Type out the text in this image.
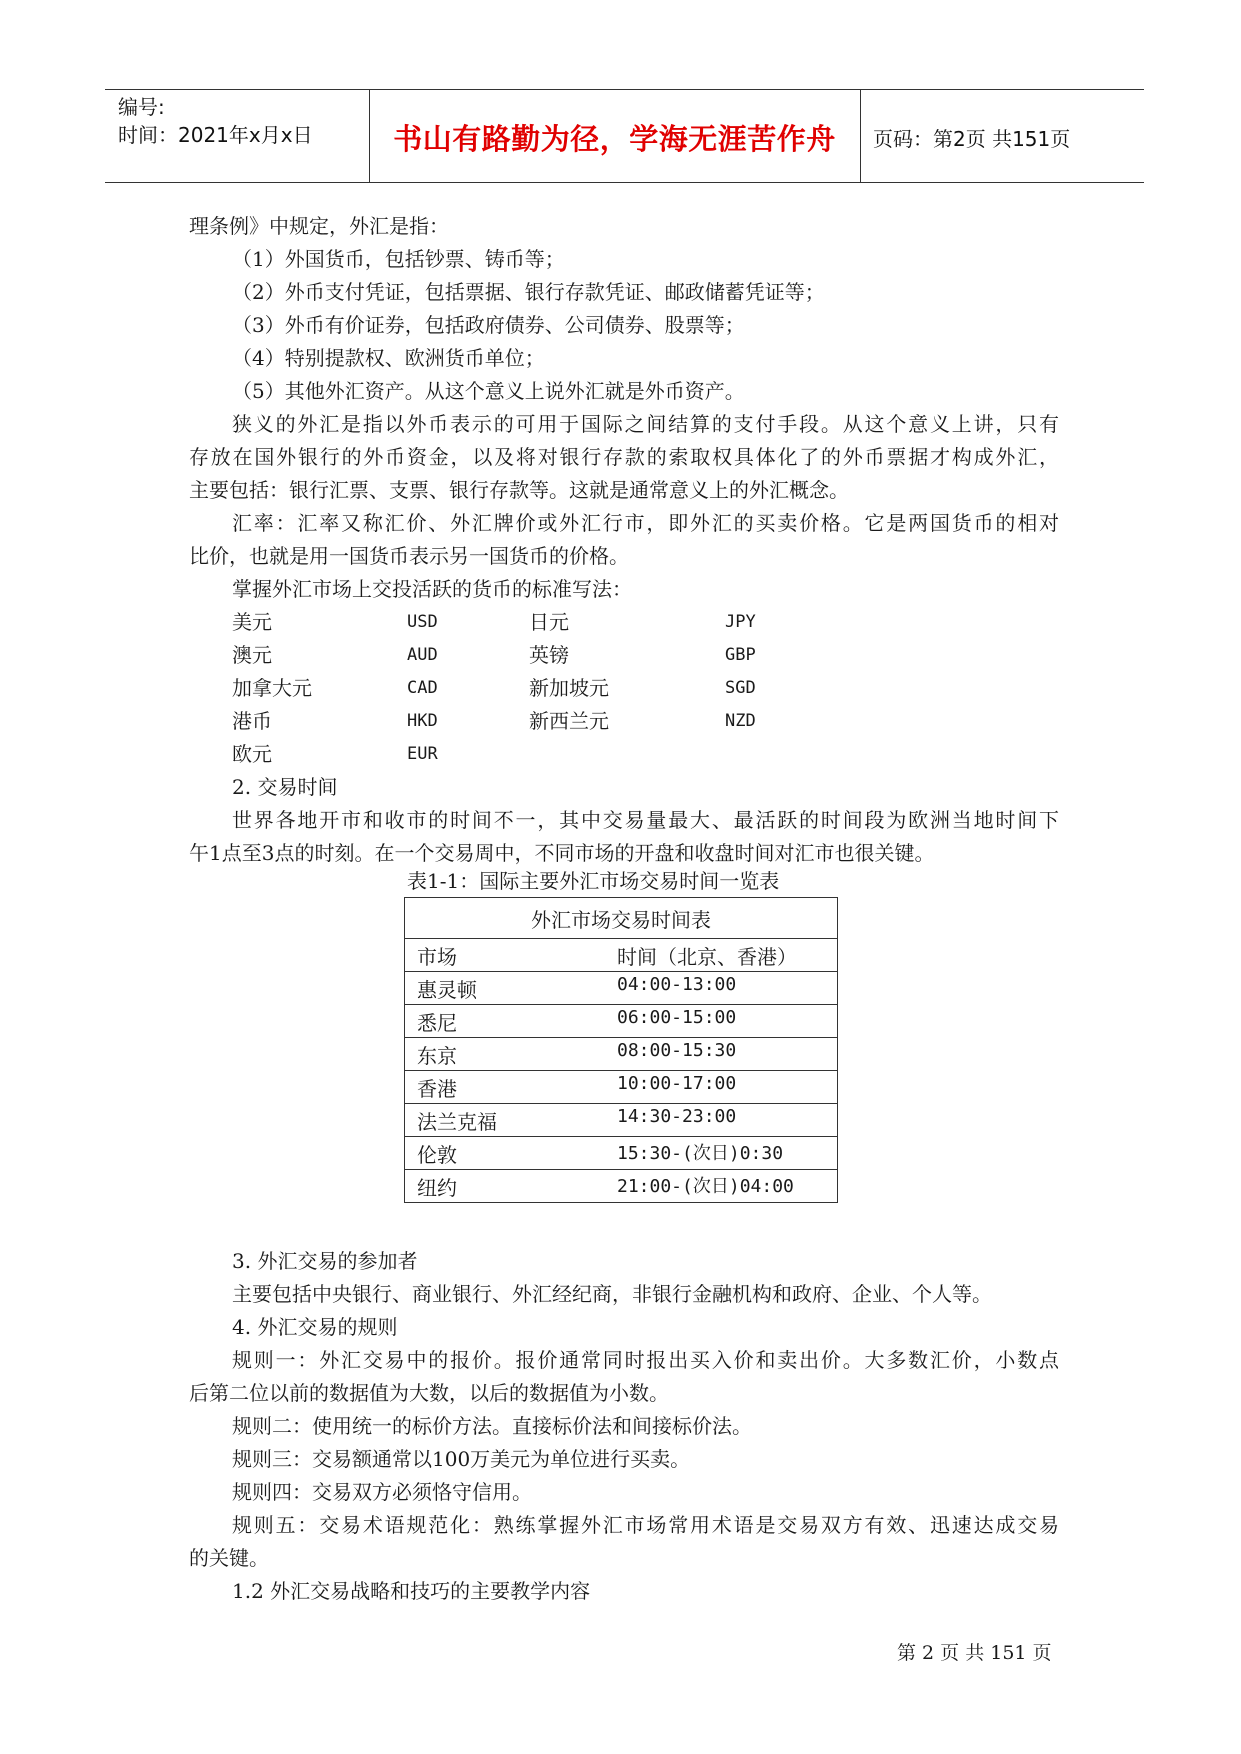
编号:
时间：2021年x月x日	书山有路勤为径，学海无涯苦作舟	页码：第2页 共151页
理条例》中规定，外汇是指：
（1）外国货币，包括钞票、铸币等；
（2）外币支付凭证，包括票据、银行存款凭证、邮政储蓄凭证等；
（3）外币有价证券，包括政府债券、公司债券、股票等；
（4）特别提款权、欧洲货币单位；
（5）其他外汇资产。从这个意义上说外汇就是外币资产。
狭义的外汇是指以外币表示的可用于国际之间结算的支付手段。从这个意义上讲，只有
存放在国外银行的外币资金，以及将对银行存款的索取权具体化了的外币票据才构成外汇，
主要包括：银行汇票、支票、银行存款等。这就是通常意义上的外汇概念。
汇率：汇率又称汇价、外汇牌价或外汇行市，即外汇的买卖价格。它是两国货币的相对
比价，也就是用一国货币表示另一国货币的价格。
掌握外汇市场上交投活跃的货币的标准写法：
美元	USD	日元	JPY
澳元	AUD	英镑	GBP
加拿大元	CAD	新加坡元	SGD
港币	HKD	新西兰元	NZD
欧元	EUR
2. 交易时间
世界各地开市和收市的时间不一，其中交易量最大、最活跃的时间段为欧洲当地时间下
午1点至3点的时刻。在一个交易周中，不同市场的开盘和收盘时间对汇市也很关键。
表1-1：国际主要外汇市场交易时间一览表
外汇市场交易时间表

市场	时间（北京、香港）

惠灵顿	04:00-13:00

悉尼	06:00-15:00

东京	08:00-15:30

香港	10:00-17:00

法兰克福	14:30-23:00

伦敦	15:30-(次日)0:30

纽约	21:00-(次日)04:00
3. 外汇交易的参加者
主要包括中央银行、商业银行、外汇经纪商，非银行金融机构和政府、企业、个人等。
4. 外汇交易的规则
规则一：外汇交易中的报价。报价通常同时报出买入价和卖出价。大多数汇价，小数点
后第二位以前的数据值为大数，以后的数据值为小数。
规则二：使用统一的标价方法。直接标价法和间接标价法。
规则三：交易额通常以100万美元为单位进行买卖。
规则四：交易双方必须恪守信用。
规则五：交易术语规范化：熟练掌握外汇市场常用术语是交易双方有效、迅速达成交易
的关键。
1.2 外汇交易战略和技巧的主要教学内容
第 2 页 共 151 页
